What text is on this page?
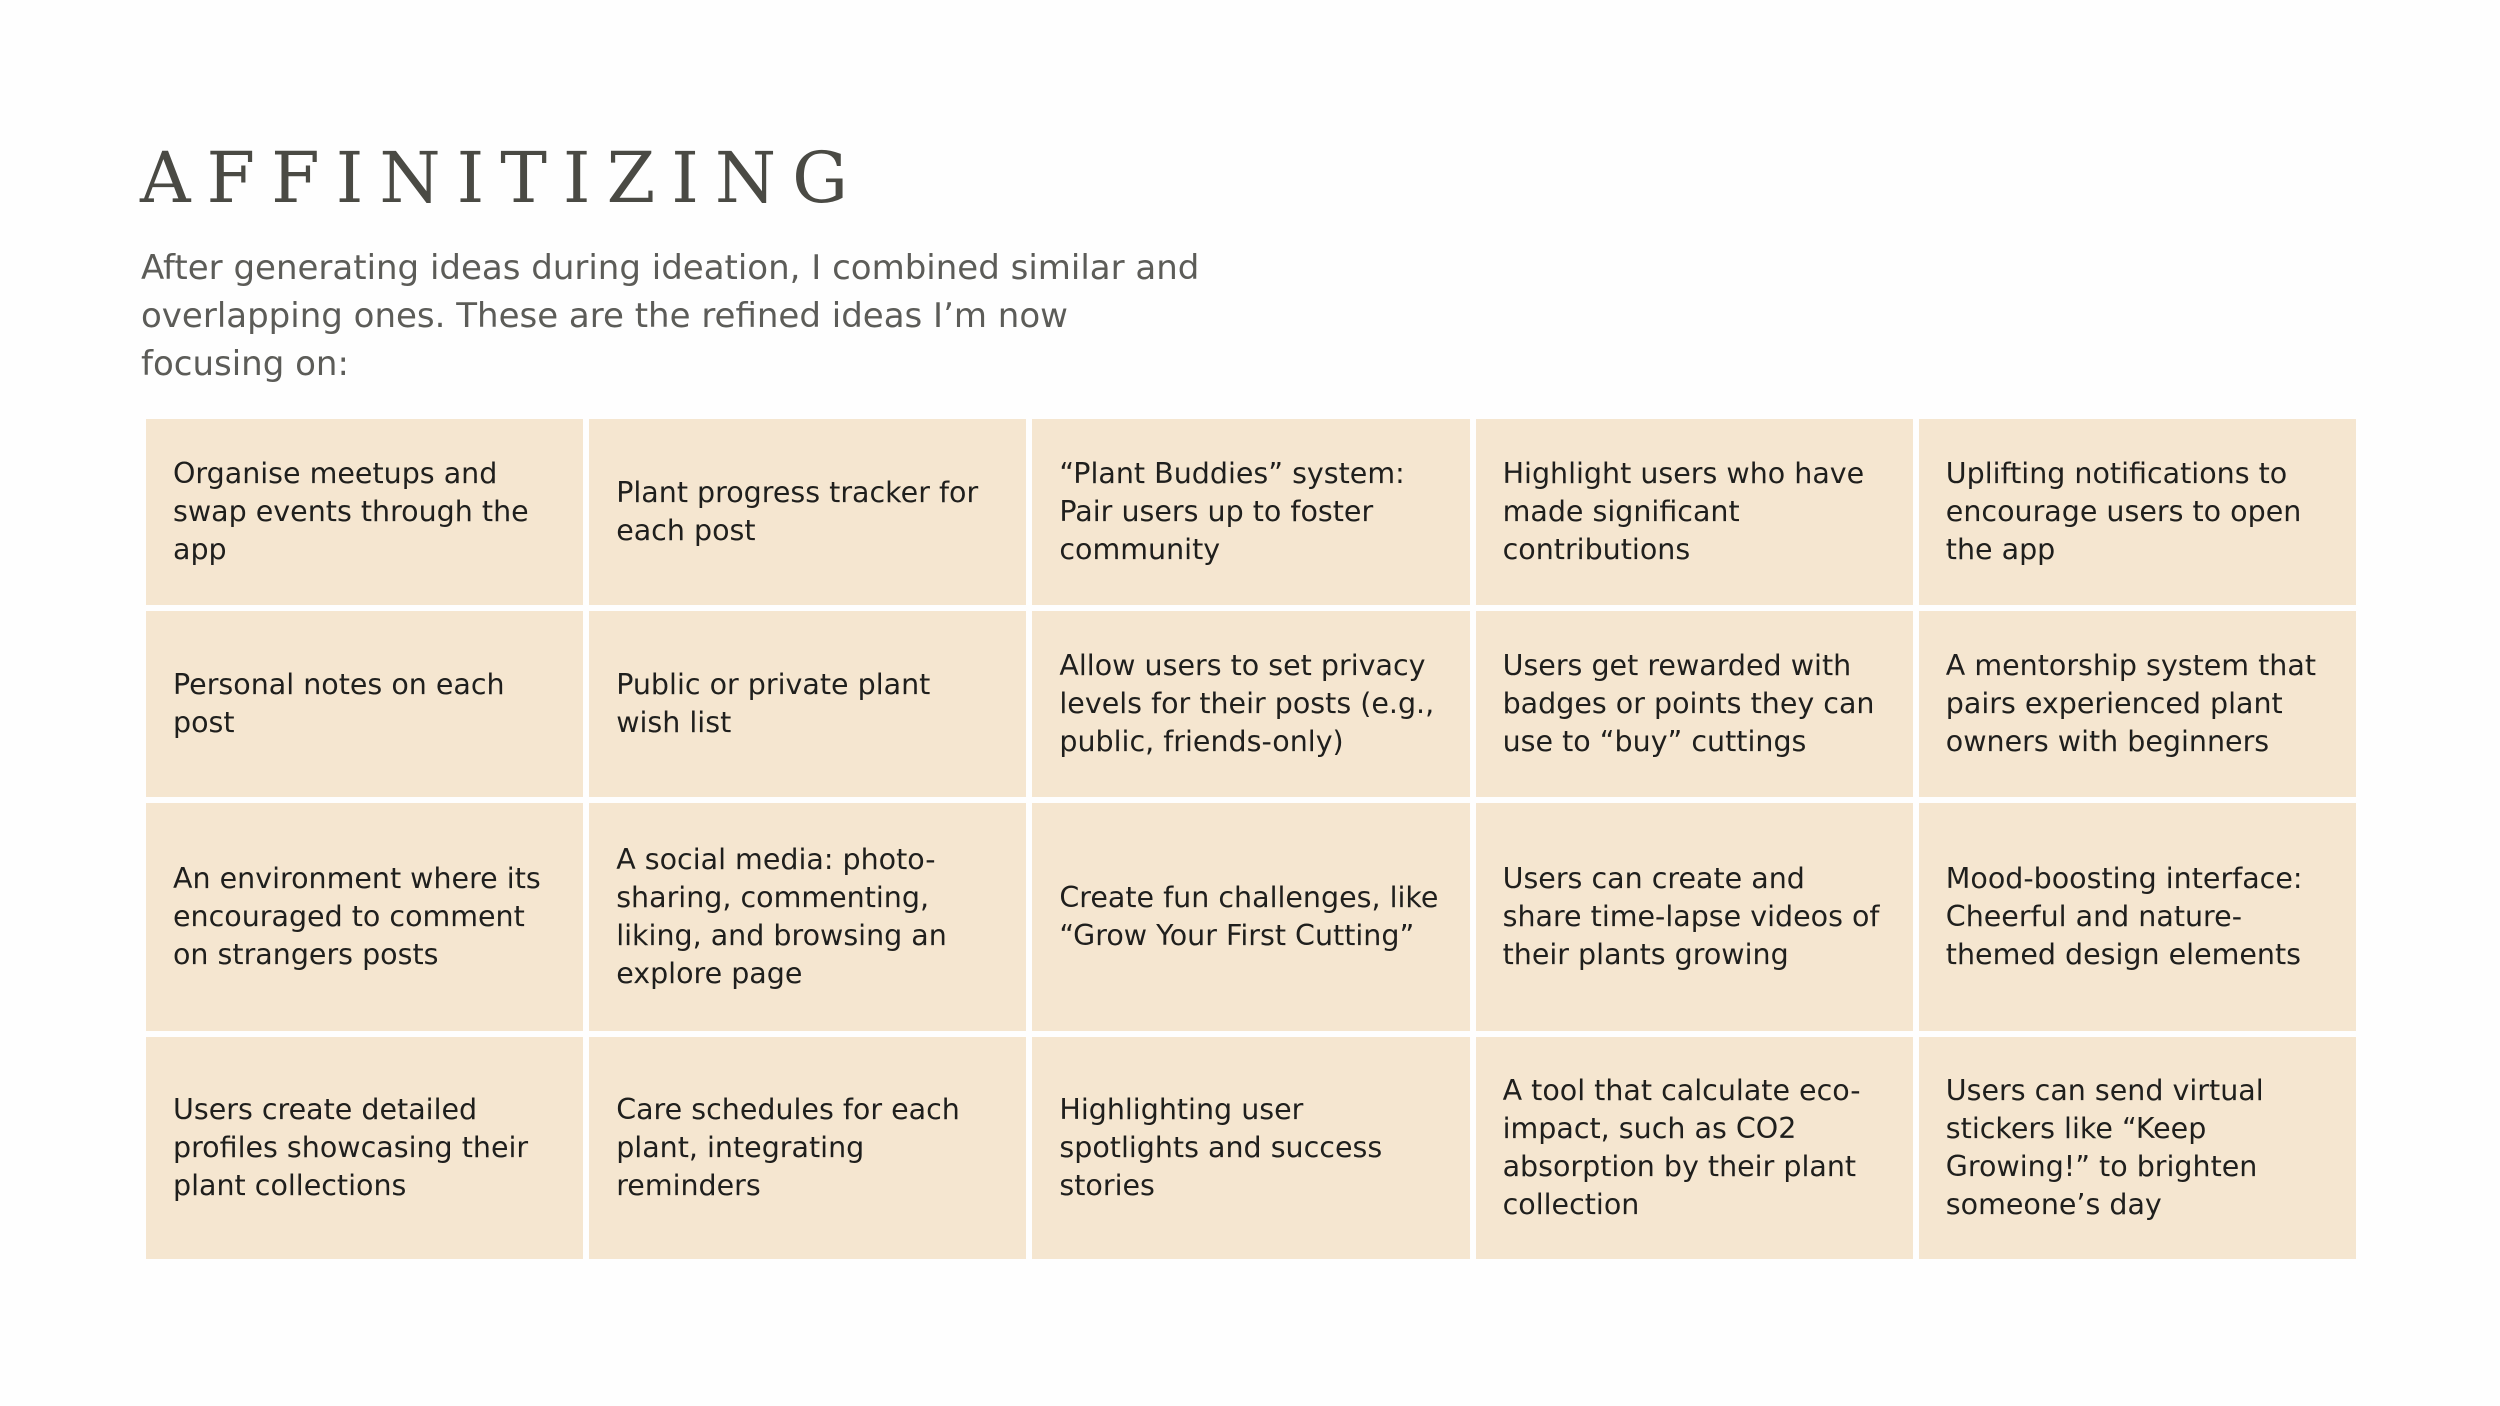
AFFINITIZING

After generating ideas during ideation, I combined similar and overlapping ones. These are the refined ideas I’m now focusing on:

Organise meetups and swap events through the app
Plant progress tracker for each post
“Plant Buddies” system: Pair users up to foster community
Highlight users who have made significant contributions
Uplifting notifications to encourage users to open the app
Personal notes on each post
Public or private plant wish list
Allow users to set privacy levels for their posts (e.g., public, friends-only)
Users get rewarded with badges or points they can use to “buy” cuttings
A mentorship system that pairs experienced plant owners with beginners
An environment where its encouraged to comment on strangers posts
A social media: photo-sharing, commenting, liking, and browsing an explore page
Create fun challenges, like “Grow Your First Cutting”
Users can create and share time-lapse videos of their plants growing
Mood-boosting interface: Cheerful and nature-themed design elements
Users create detailed profiles showcasing their plant collections
Care schedules for each plant, integrating reminders
Highlighting user spotlights and success stories
A tool that calculate eco-impact, such as CO2 absorption by their plant collection
Users can send virtual stickers like “Keep Growing!” to brighten someone’s day
